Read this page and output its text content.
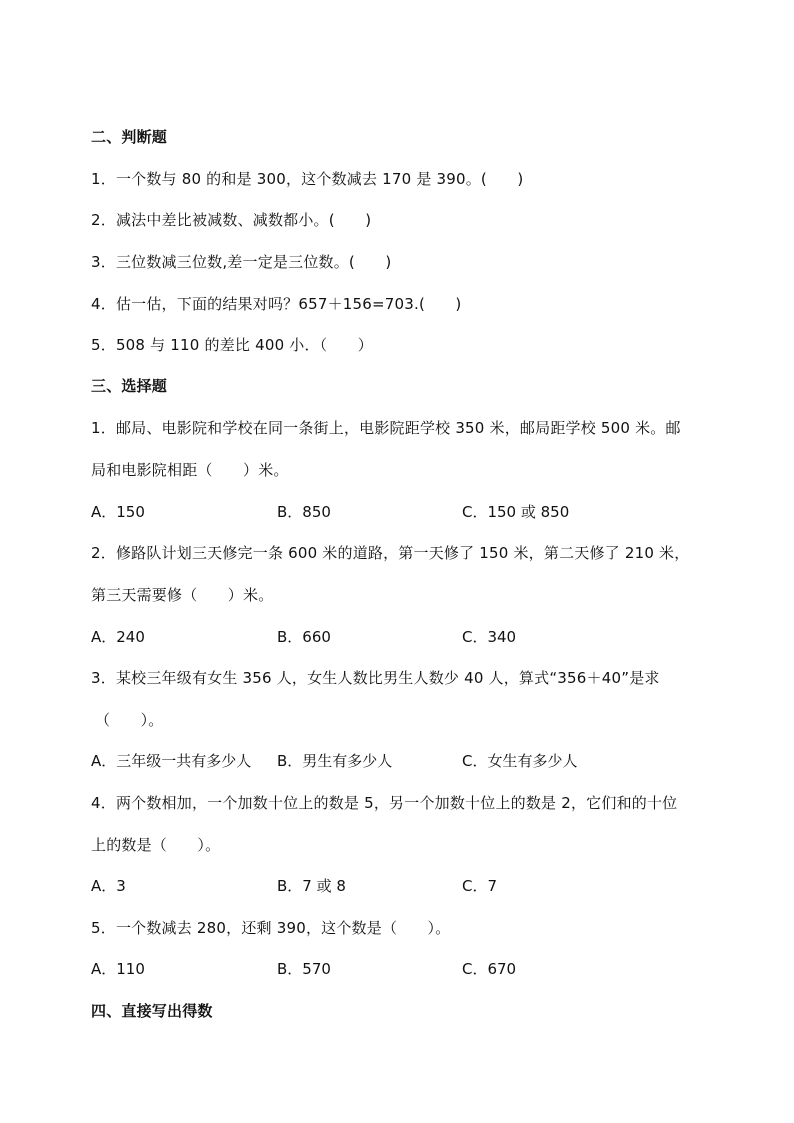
二、判断题
1．一个数与 80 的和是 300，这个数减去 170 是 390。(　　)
2．减法中差比被减数、减数都小。(　　)
3．三位数减三位数,差一定是三位数。(　　)
4．估一估，下面的结果对吗？657＋156=703.(　　)
5．508 与 110 的差比 400 小．（　　）
三、选择题
1．邮局、电影院和学校在同一条街上，电影院距学校 350 米，邮局距学校 500 米。邮
局和电影院相距（　　）米。
A．150	B．850	C．150 或 850
2．修路队计划三天修完一条 600 米的道路，第一天修了 150 米，第二天修了 210 米，
第三天需要修（　　）米。
A．240	B．660	C．340
3．某校三年级有女生 356 人，女生人数比男生人数少 40 人，算式“356＋40”是求
（　　）。
A．三年级一共有多少人 B．男生有多少人	C．女生有多少人
4．两个数相加，一个加数十位上的数是 5，另一个加数十位上的数是 2，它们和的十位
上的数是（　　）。
A．3	B．7 或 8	C．7
5．一个数减去 280，还剩 390，这个数是（　　）。
A．110	B．570	C．670
四、直接写出得数
